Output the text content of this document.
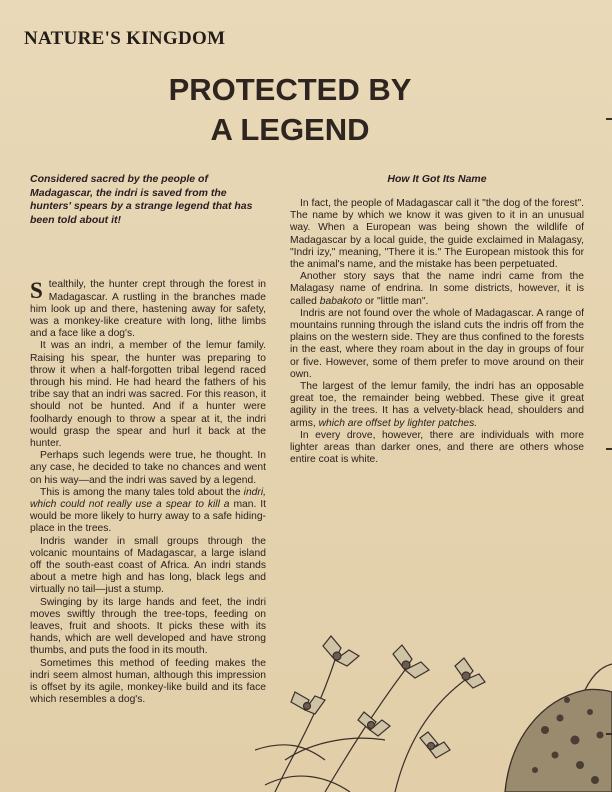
NATURE'S KINGDOM
PROTECTED BY
A LEGEND

Considered sacred by the people of Madagascar, the indri is saved from the hunters' spears by a strange legend that has been told about it!

Stealthily, the hunter crept through the forest in Madagascar. A rustling in the branches made him look up and there, hastening away for safety, was a monkey-like creature with long, lithe limbs and a face like a dog's.

It was an indri, a member of the lemur family. Raising his spear, the hunter was preparing to throw it when a half-forgotten tribal legend raced through his mind. He had heard the fathers of his tribe say that an indri was sacred. For this reason, it should not be hunted. And if a hunter were foolhardy enough to throw a spear at it, the indri would grasp the spear and hurl it back at the hunter.

Perhaps such legends were true, he thought. In any case, he decided to take no chances and went on his way—and the indri was saved by a legend.

This is among the many tales told about the indri, which could not really use a spear to kill a man. It would be more likely to hurry away to a safe hiding-place in the trees.

Indris wander in small groups through the volcanic mountains of Madagascar, a large island off the south-east coast of Africa. An indri stands about a metre high and has long, black legs and virtually no tail—just a stump.

Swinging by its large hands and feet, the indri moves swiftly through the tree-tops, feeding on leaves, fruit and shoots. It picks these with its hands, which are well developed and have strong thumbs, and puts the food in its mouth.

Sometimes this method of feeding makes the indri seem almost human, although this impression is offset by its agile, monkey-like build and its face which resembles a dog's.

How It Got Its Name

In fact, the people of Madagascar call it "the dog of the forest". The name by which we know it was given to it in an unusual way. When a European was being shown the wildlife of Madagascar by a local guide, the guide exclaimed in Malagasy, "Indri izy," meaning, "There it is." The European mistook this for the animal's name, and the mistake has been perpetuated.

Another story says that the name indri came from the Malagasy name of endrina. In some districts, however, it is called babakoto or "little man".

Indris are not found over the whole of Madagascar. A range of mountains running through the island cuts the indris off from the plains on the western side. They are thus confined to the forests in the east, where they roam about in the day in groups of four or five. However, some of them prefer to move around on their own.

The largest of the lemur family, the indri has an opposable great toe, the remainder being webbed. These give it great agility in the trees. It has a velvety-black head, shoulders and arms, which are offset by lighter patches.

In every drove, however, there are individuals with more lighter areas than darker ones, and there are others whose entire coat is white.
